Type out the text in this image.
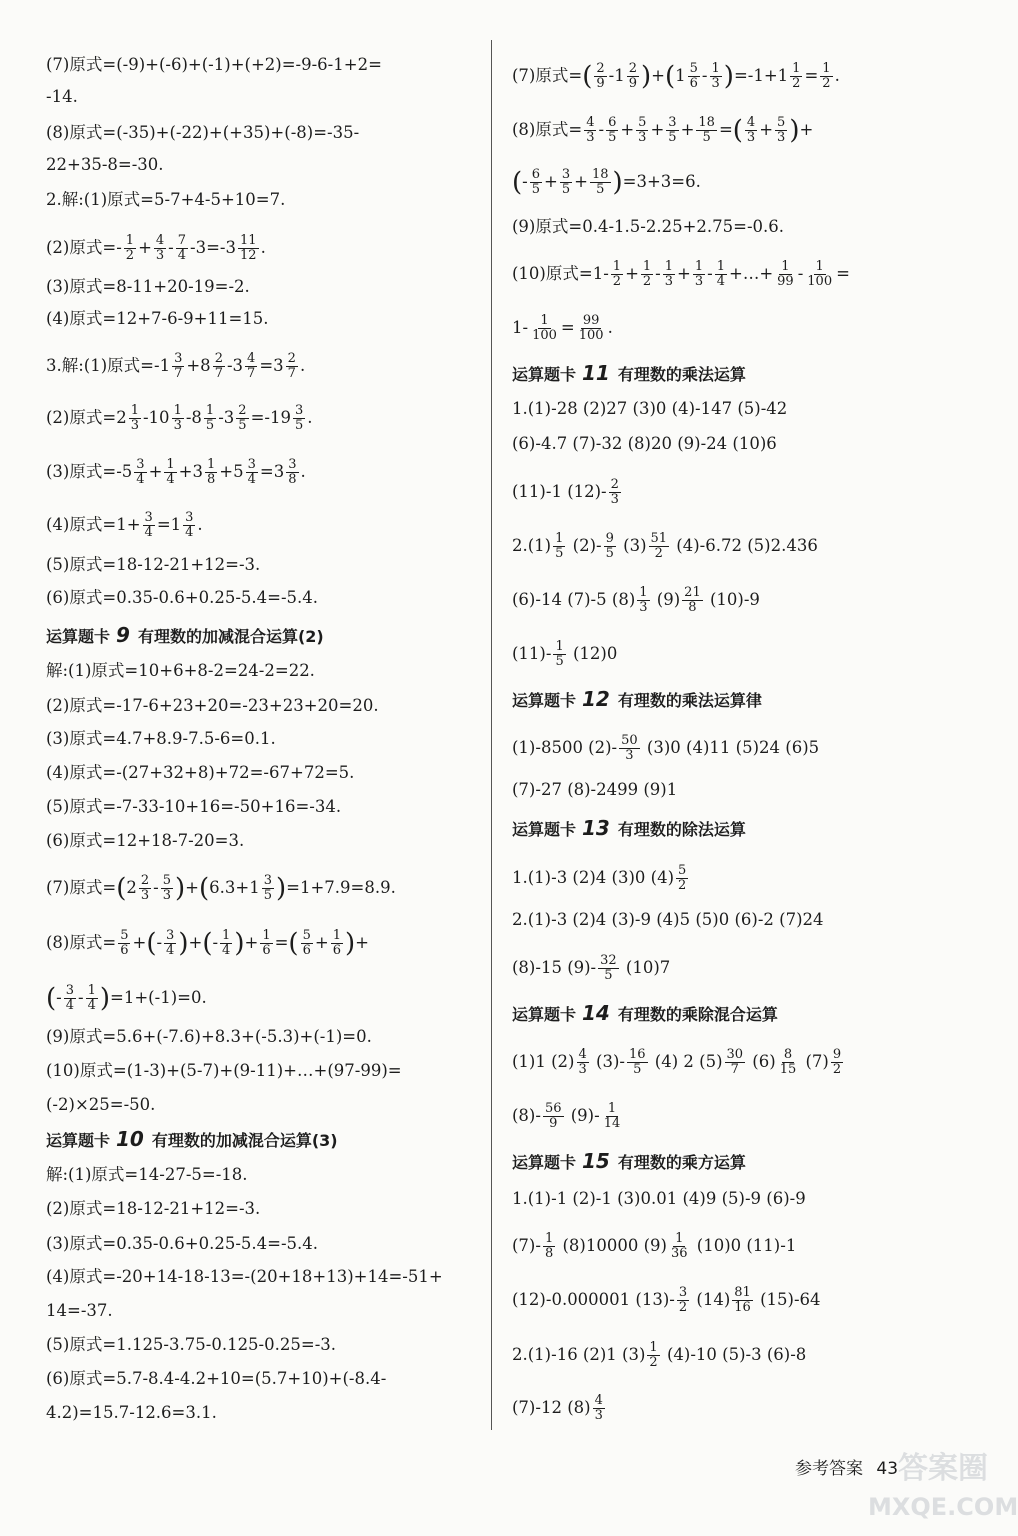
(7)原式=(-9)+(-6)+(-1)+(+2)=-9-6-1+2=
-14.
(8)原式=(-35)+(-22)+(+35)+(-8)=-35-
22+35-8=-30.
2.解:(1)原式=5-7+4-5+10=7.
(2)原式=- $\frac{1}{2} + \frac{4}{3} - \frac{7}{4} -3=-3 \frac{11}{12}$ .
(3)原式=8-11+20-19=-2.
(4)原式=12+7-6-9+11=15.
3.解:(1)原式$=-1 \frac{3}{7} +8 \frac{2}{7} -3 \frac{4}{7} =3 \frac{2}{7}$ .
(2)原式$=2 \frac{1}{3} -10 \frac{1}{3} -8 \frac{1}{5} -3 \frac{2}{5} =-19 \frac{3}{5}$ .
(3)原式$=-5 \frac{3}{4} + \frac{1}{4} +3 \frac{1}{8} +5 \frac{3}{4} =3 \frac{3}{8}$ .
(4)原式$=1+ \frac{3}{4} =1 \frac{3}{4}$ .
(5)原式=18-12-21+12=-3.
(6)原式=0.35-0.6+0.25-5.4=-5.4.
运算题卡 9 有理数的加减混合运算(2)
解:(1)原式=10+6+8-2=24-2=22.
(2)原式=-17-6+23+20=-23+23+20=20.
(3)原式=4.7+8.9-7.5-6=0.1.
(4)原式=-(27+32+8)+72=-67+72=5.
(5)原式=-7-33-10+16=-50+16=-34.
(6)原式=12+18-7-20=3.
(7)原式$=(2 \frac{2}{3} - \frac{5}{3} )+(6.3+1 \frac{3}{5} )=1+7.9=8.9$.
(8)原式= $\frac{5}{6}$ +(- $\frac{3}{4}$ )+(- $\frac{1}{4}$ )+ $\frac{1}{6}$ =( $\frac{5}{6} + \frac{1}{6}$ )+
(- $\frac{3}{4} - \frac{1}{4} )=1+(-1)=0$.
(9)原式=5.6+(-7.6)+8.3+(-5.3)+(-1)=0.
(10)原式=(1-3)+(5-7)+(9-11)+…+(97-99)=
(-2)×25=-50.
运算题卡 10 有理数的加减混合运算(3)
解:(1)原式=14-27-5=-18.
(2)原式=18-12-21+12=-3.
(3)原式=0.35-0.6+0.25-5.4=-5.4.
(4)原式=-20+14-18-13=-(20+18+13)+14=-51+
14=-37.
(5)原式=1.125-3.75-0.125-0.25=-3.
(6)原式=5.7-8.4-4.2+10=(5.7+10)+(-8.4-
4.2)=15.7-12.6=3.1.
(7)原式=( $\frac{2}{9} -1 \frac{2}{9} )+(1 \frac{5}{6} - \frac{1}{3} )=-1+1 \frac{1}{2} = \frac{1}{2}$ .
(8)原式= $\frac{4}{3} - \frac{6}{5} + \frac{5}{3} + \frac{3}{5} + \frac{18}{5}$ =( $\frac{4}{3} + \frac{5}{3}$ )+
(- $\frac{6}{5} + \frac{3}{5} + \frac{18}{5} )=3+3=6$.
(9)原式=0.4-1.5-2.25+2.75=-0.6.
(10)原式$=1- \frac{1}{2} + \frac{1}{2} - \frac{1}{3} + \frac{1}{3} - \frac{1}{4}$ +…+ $\frac{1}{99} - \frac{1}{100}$ =
$1- \frac{1}{100} = \frac{99}{100}$ .
运算题卡 11 有理数的乘法运算
1.(1)-28 (2)27 (3)0 (4)-147 (5)-42
(6)-4.7 (7)-32 (8)20 (9)-24 (10)6
(11)-1 $(12)- \frac{2}{3}$
$2.(1) \frac{1}{5} (2)- \frac{9}{5} (3) \frac{51}{2} (4)-6.72$ (5)2.436
(6)-14 (7)-5 $(8) \frac{1}{3} (9) \frac{21}{8} (10)-9$
$(11)- \frac{1}{5} (12)0$
运算题卡 12 有理数的乘法运算律
(1)-8500 $(2)- \frac{50}{3} (3)0$ (4)11 (5)24 (6)5
(7)-27 (8)-2499 (9)1
运算题卡 13 有理数的除法运算
1.(1)-3 (2)4 (3)0 $(4) \frac{5}{2}$
2.(1)-3 (2)4 (3)-9 (4)5 (5)0 (6)-2 (7)24
(8)-15 $(9)- \frac{32}{5} (10)7$
运算题卡 14 有理数的乘除混合运算
(1)1 $(2) \frac{4}{3} (3)- \frac{16}{5} (4)$ 2 $(5) \frac{30}{7} (6) \frac{8}{15} (7) \frac{9}{2}$
$(8)- \frac{56}{9} (9)- \frac{1}{14}$
运算题卡 15 有理数的乘方运算
1.(1)-1 (2)-1 (3)0.01 (4)9 (5)-9 (6)-9
$(7)- \frac{1}{8} (8)10000$ $(9) \frac{1}{36} (10)0$ (11)-1
(12)-0.000001 $(13)- \frac{3}{2} (14) \frac{81}{16} (15)-64$
2.(1)-16 (2)1 $(3) \frac{1}{2} (4)-10$ (5)-3 (6)-8
(7)-12 $(8) \frac{4}{3}$
参考答案 43 答案圈
MXQE.COM
